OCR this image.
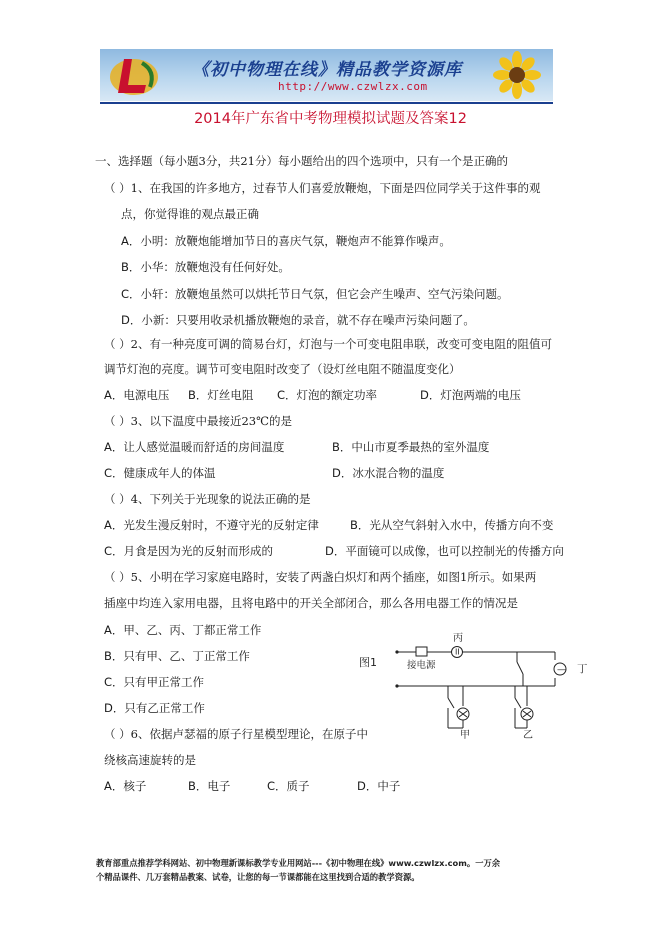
《初中物理在线》精品教学资源库
http://www.czwlzx.com
2014年广东省中考物理模拟试题及答案12
一、选择题（每小题3分，共21分）每小题给出的四个选项中，只有一个是正确的
（ ）1、在我国的许多地方，过春节人们喜爱放鞭炮，下面是四位同学关于这件事的观
点，你觉得谁的观点最正确
A．小明：放鞭炮能增加节日的喜庆气氛，鞭炮声不能算作噪声。
B．小华：放鞭炮没有任何好处。
C．小轩：放鞭炮虽然可以烘托节日气氛，但它会产生噪声、空气污染问题。
D．小新：只要用收录机播放鞭炮的录音，就不存在噪声污染问题了。
（ ）2、有一种亮度可调的简易台灯，灯泡与一个可变电阻串联，改变可变电阻的阻值可
调节灯泡的亮度。调节可变电阻时改变了（设灯丝电阻不随温度变化）
A．电源电压 B．灯丝电阻 C．灯泡的额定功率	D．灯泡两端的电压
（ ）3、以下温度中最接近23℃的是
A．让人感觉温暖而舒适的房间温度	B．中山市夏季最热的室外温度
C．健康成年人的体温	D．冰水混合物的温度
（ ）4、下列关于光现象的说法正确的是
A．光发生漫反射时，不遵守光的反射定律	B．光从空气斜射入水中，传播方向不变
C．月食是因为光的反射而形成的	D．平面镜可以成像，也可以控制光的传播方向
（ ）5、小明在学习家庭电路时，安装了两盏白炽灯和两个插座，如图1所示。如果两
插座中均连入家用电器，且将电路中的开关全部闭合，那么各用电器工作的情况是
A．甲、乙、丙、丁都正常工作
B．只有甲、乙、丁正常工作
C．只有甲正常工作
D．只有乙正常工作
II
—
图1	接电源
丙
丁
甲	乙
（ ）6、依据卢瑟福的原子行星模型理论，在原子中
绕核高速旋转的是
A．核子	B．电子	C．质子	D．中子
教育部重点推荐学科网站、初中物理新课标教学专业用网站---《初中物理在线》www.czwlzx.com。一万余
个精品课件、几万套精品教案、试卷，让您的每一节课都能在这里找到合适的教学资源。
